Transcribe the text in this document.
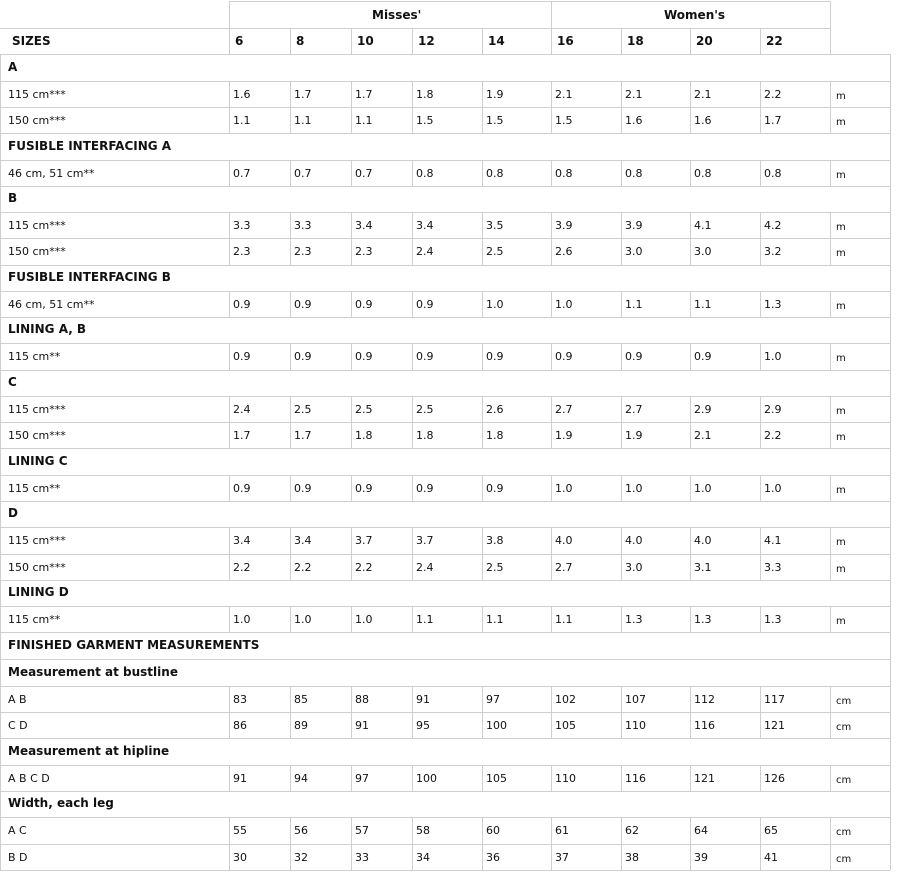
Misses'	Women's
SIZES	6	8	10	12	14	16	18	20	22
A
115 cm***	1.6	1.7	1.7	1.8	1.9	2.1	2.1	2.1	2.2	m
150 cm***	1.1	1.1	1.1	1.5	1.5	1.5	1.6	1.6	1.7	m
FUSIBLE INTERFACING A
46 cm, 51 cm**	0.7	0.7	0.7	0.8	0.8	0.8	0.8	0.8	0.8	m
B
115 cm***	3.3	3.3	3.4	3.4	3.5	3.9	3.9	4.1	4.2	m
150 cm***	2.3	2.3	2.3	2.4	2.5	2.6	3.0	3.0	3.2	m
FUSIBLE INTERFACING B
46 cm, 51 cm**	0.9	0.9	0.9	0.9	1.0	1.0	1.1	1.1	1.3	m
LINING A, B
115 cm**	0.9	0.9	0.9	0.9	0.9	0.9	0.9	0.9	1.0	m
C
115 cm***	2.4	2.5	2.5	2.5	2.6	2.7	2.7	2.9	2.9	m
150 cm***	1.7	1.7	1.8	1.8	1.8	1.9	1.9	2.1	2.2	m
LINING C
115 cm**	0.9	0.9	0.9	0.9	0.9	1.0	1.0	1.0	1.0	m
D
115 cm***	3.4	3.4	3.7	3.7	3.8	4.0	4.0	4.0	4.1	m
150 cm***	2.2	2.2	2.2	2.4	2.5	2.7	3.0	3.1	3.3	m
LINING D
115 cm**	1.0	1.0	1.0	1.1	1.1	1.1	1.3	1.3	1.3	m
FINISHED GARMENT MEASUREMENTS
Measurement at bustline
A B	83	85	88	91	97	102	107	112	117	cm
C D	86	89	91	95	100	105	110	116	121	cm
Measurement at hipline
A B C D	91	94	97	100	105	110	116	121	126	cm
Width, each leg
A C	55	56	57	58	60	61	62	64	65	cm
B D	30	32	33	34	36	37	38	39	41	cm
